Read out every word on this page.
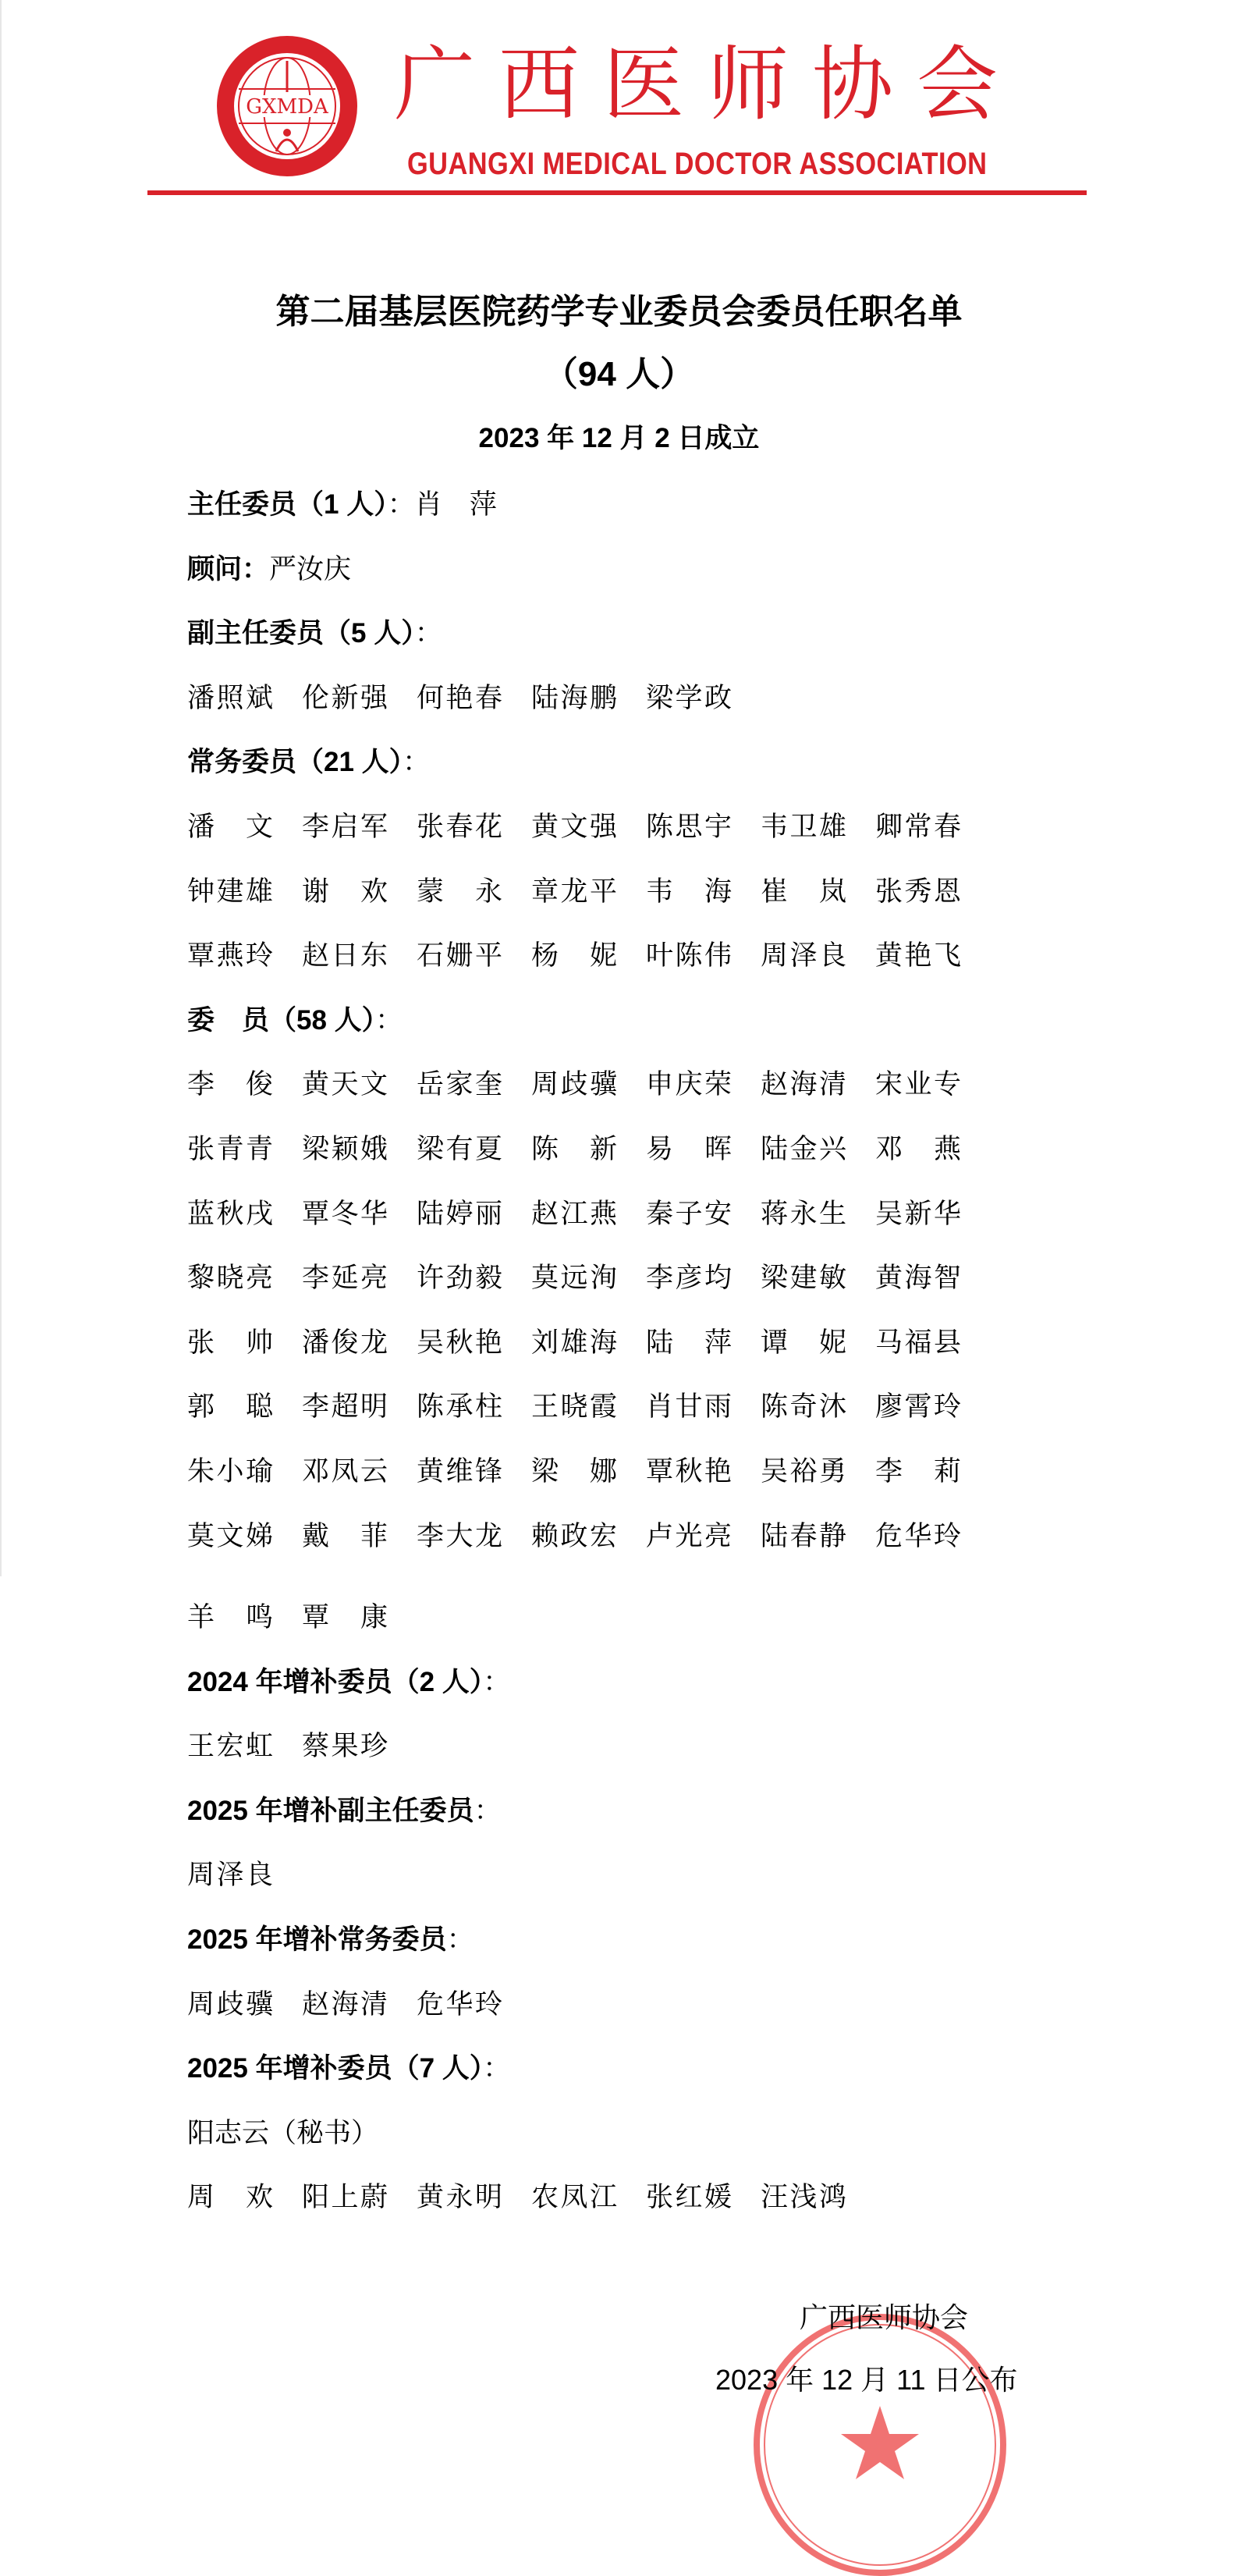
GXMDA 广西医师协会
GUANGXI MEDICAL DOCTOR ASSOCIATION
第二届基层医院药学专业委员会委员任职名单
（94 人）
2023 年 12 月 2 日成立
主任委员（1 人）：肖　萍
顾问：严汝庆
副主任委员（5 人）：
潘照斌 伦新强 何艳春 陆海鹏 梁学政
常务委员（21 人）：
潘文 李启军 张春花 黄文强 陈思宇 韦卫雄 卿常春
钟建雄 谢欢 蒙永 章龙平 韦海 崔岚 张秀恩
覃燕玲 赵日东 石姗平 杨妮 叶陈伟 周泽良 黄艳飞
委　员（58 人）：
李俊 黄天文 岳家奎 周歧骥 申庆荣 赵海清 宋业专
张青青 梁颖娥 梁有夏 陈新 易晖 陆金兴 邓燕
蓝秋戌 覃冬华 陆婷丽 赵江燕 秦子安 蒋永生 吴新华
黎晓亮 李延亮 许劲毅 莫远洵 李彦均 梁建敏 黄海智
张帅 潘俊龙 吴秋艳 刘雄海 陆萍 谭妮 马福县
郭聪 李超明 陈承柱 王晓霞 肖甘雨 陈奇沐 廖霄玲
朱小瑜 邓凤云 黄维锋 梁娜 覃秋艳 吴裕勇 李莉
莫文娣 戴菲 李大龙 赖政宏 卢光亮 陆春静 危华玲
羊鸣 覃康
2024 年增补委员（2 人）：
王宏虹 蔡果珍
2025 年增补副主任委员：
周泽良
2025 年增补常务委员：
周歧骥 赵海清 危华玲
2025 年增补委员（7 人）：
阳志云（秘书）
周欢 阳上蔚 黄永明 农凤江 张红媛 汪浅鸿
广西医师协会
2023 年 12 月 11 日公布
